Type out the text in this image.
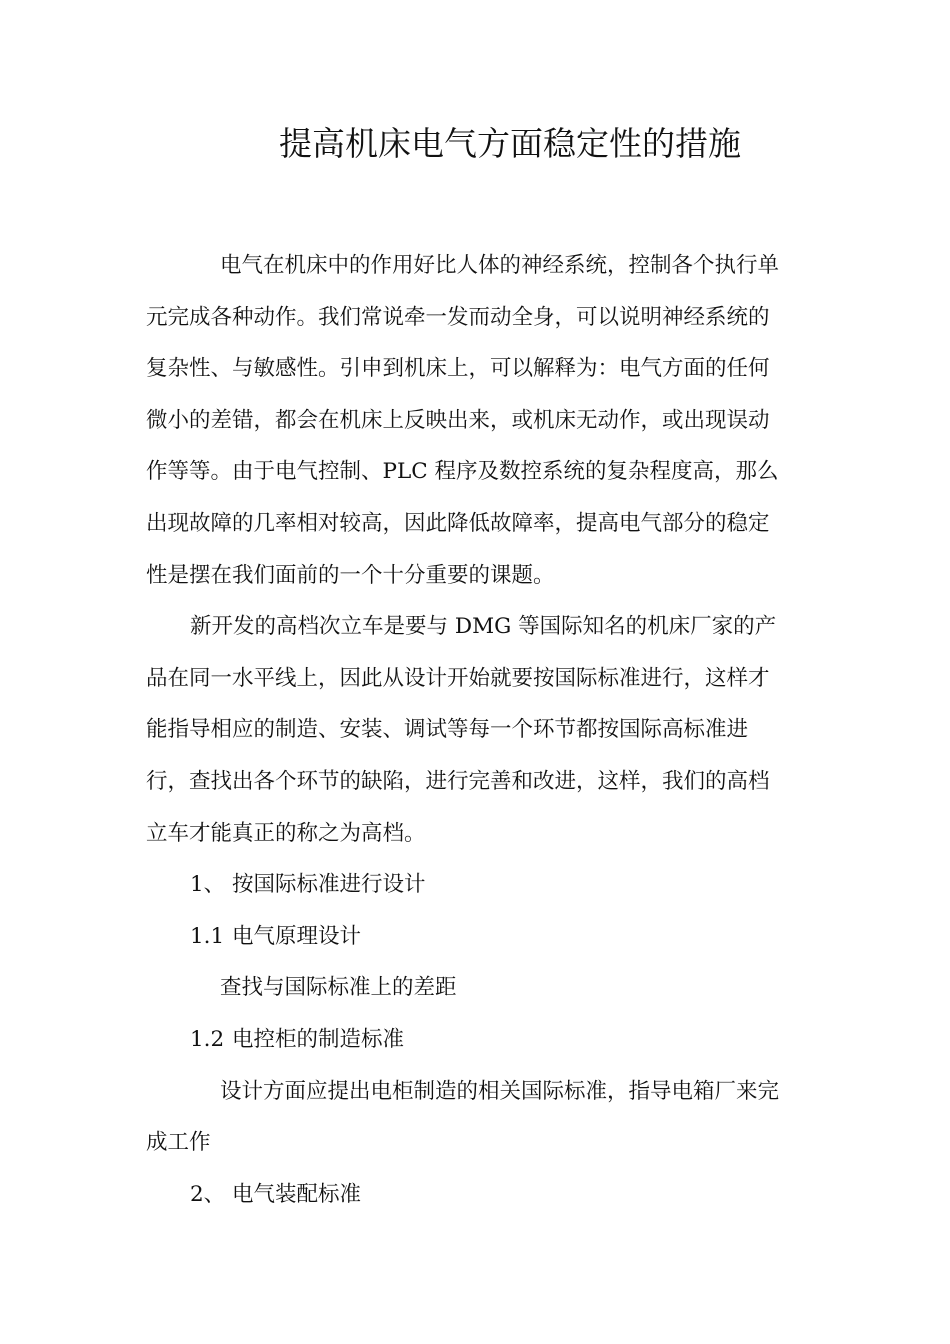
提高机床电气方面稳定性的措施
电气在机床中的作用好比人体的神经系统，控制各个执行单
元完成各种动作。我们常说牵一发而动全身，可以说明神经系统的
复杂性、与敏感性。引申到机床上，可以解释为：电气方面的任何
微小的差错，都会在机床上反映出来，或机床无动作，或出现误动
作等等。由于电气控制、PLC 程序及数控系统的复杂程度高，那么
出现故障的几率相对较高，因此降低故障率，提高电气部分的稳定
性是摆在我们面前的一个十分重要的课题。
新开发的高档次立车是要与 DMG 等国际知名的机床厂家的产
品在同一水平线上，因此从设计开始就要按国际标准进行，这样才
能指导相应的制造、安装、调试等每一个环节都按国际高标准进
行，查找出各个环节的缺陷，进行完善和改进，这样，我们的高档
立车才能真正的称之为高档。
1、 按国际标准进行设计
1.1 电气原理设计
查找与国际标准上的差距
1.2 电控柜的制造标准
设计方面应提出电柜制造的相关国际标准，指导电箱厂来完
成工作
2、 电气装配标准
